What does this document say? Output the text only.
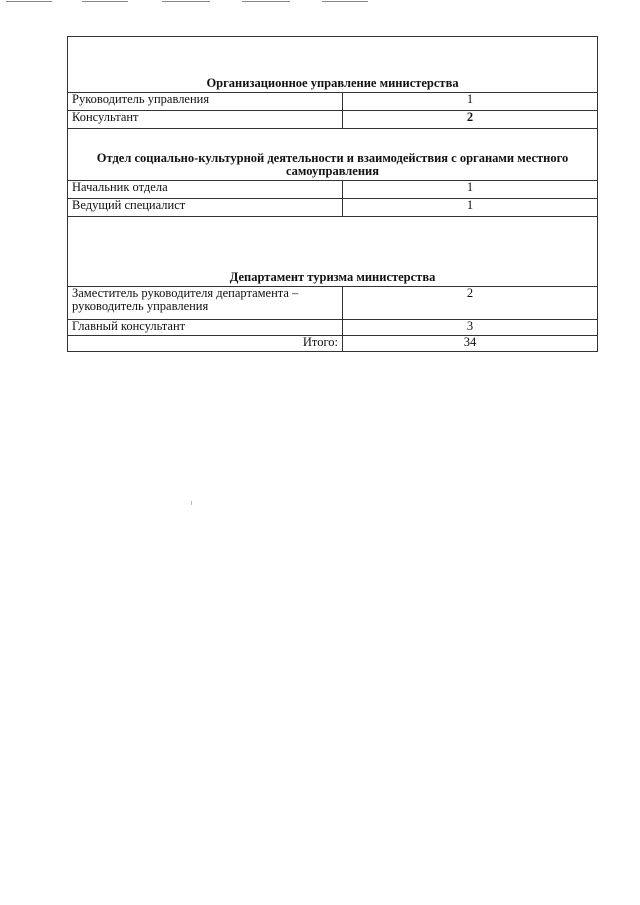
Организационное управление министерства	
Руководитель управления	1
Консультант	2
Отдел социально-культурной деятельности и взаимодействия с органами местного самоуправления	
Начальник отдела	1
Ведущий специалист	1
Департамент туризма министерства	
Заместитель руководителя департамента – руководитель управления	2
Главный консультант	3
Итого:	34
